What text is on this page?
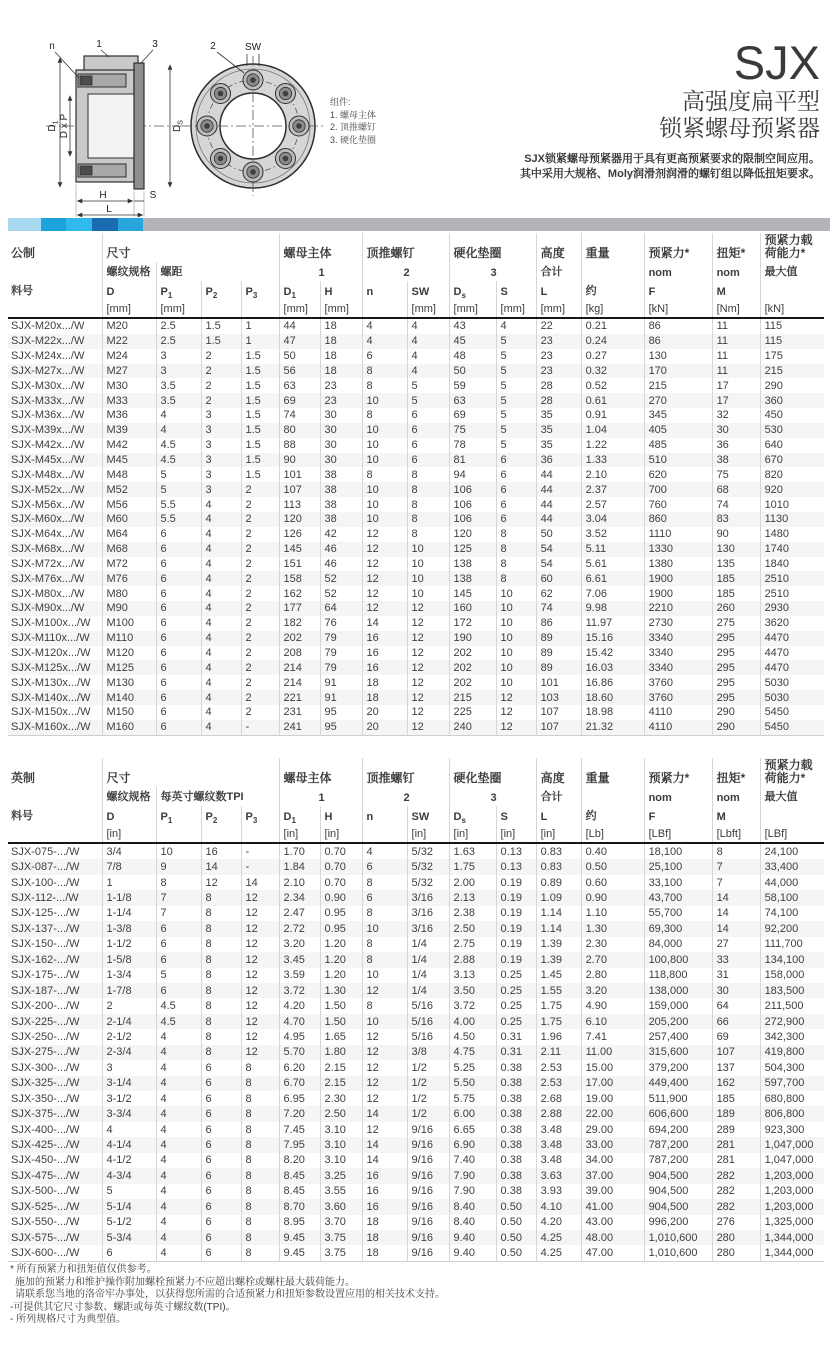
$D_1$ D x P	$D_S$
H	S
L
n	1	3	SW
2
组件:
1. 螺母主体
2. 顶推螺钉
3. 硬化垫圈
SJX
高强度扁平型
锁紧螺母预紧器
SJX锁紧螺母预紧器用于具有更高预紧要求的限制空间应用。
其中采用大规格、Moly润滑剂润滑的螺钉组以降低扭矩要求。
公制	尺寸				螺母主体		顶推螺钉		硬化垫圈		高度	重量	预紧力*	扭矩*	预紧力载
荷能力*
	螺纹规格	螺距			1		2		3		合计		nom	nom	最大值
料号	D	$P_1$	$P_2$	$P_3$	$D_1$	H	n	SW	$D_s$	S	L	约	F	M	
	[mm]	[mm]			[mm]	[mm]		[mm]	[mm]	[mm]	[mm]	[kg]	[kN]	[Nm]	[kN]
SJX-M20x.../W	M20	2.5	1.5	1	44	18	4	4	43	4	22	0.21	86	11	115
SJX-M22x.../W	M22	2.5	1.5	1	47	18	4	4	45	5	23	0.24	86	11	115
SJX-M24x.../W	M24	3	2	1.5	50	18	6	4	48	5	23	0.27	130	11	175
SJX-M27x.../W	M27	3	2	1.5	56	18	8	4	50	5	23	0.32	170	11	215
SJX-M30x.../W	M30	3.5	2	1.5	63	23	8	5	59	5	28	0.52	215	17	290
SJX-M33x.../W	M33	3.5	2	1.5	69	23	10	5	63	5	28	0.61	270	17	360
SJX-M36x.../W	M36	4	3	1.5	74	30	8	6	69	5	35	0.91	345	32	450
SJX-M39x.../W	M39	4	3	1.5	80	30	10	6	75	5	35	1.04	405	30	530
SJX-M42x.../W	M42	4.5	3	1.5	88	30	10	6	78	5	35	1.22	485	36	640
SJX-M45x.../W	M45	4.5	3	1.5	90	30	10	6	81	6	36	1.33	510	38	670
SJX-M48x.../W	M48	5	3	1.5	101	38	8	8	94	6	44	2.10	620	75	820
SJX-M52x.../W	M52	5	3	2	107	38	10	8	106	6	44	2.37	700	68	920
SJX-M56x.../W	M56	5.5	4	2	113	38	10	8	106	6	44	2.57	760	74	1010
SJX-M60x.../W	M60	5.5	4	2	120	38	10	8	106	6	44	3.04	860	83	1130
SJX-M64x.../W	M64	6	4	2	126	42	12	8	120	8	50	3.52	1110	90	1480
SJX-M68x.../W	M68	6	4	2	145	46	12	10	125	8	54	5.11	1330	130	1740
SJX-M72x.../W	M72	6	4	2	151	46	12	10	138	8	54	5.61	1380	135	1840
SJX-M76x.../W	M76	6	4	2	158	52	12	10	138	8	60	6.61	1900	185	2510
SJX-M80x.../W	M80	6	4	2	162	52	12	10	145	10	62	7.06	1900	185	2510
SJX-M90x.../W	M90	6	4	2	177	64	12	12	160	10	74	9.98	2210	260	2930
SJX-M100x.../W	M100	6	4	2	182	76	14	12	172	10	86	11.97	2730	275	3620
SJX-M110x.../W	M110	6	4	2	202	79	16	12	190	10	89	15.16	3340	295	4470
SJX-M120x.../W	M120	6	4	2	208	79	16	12	202	10	89	15.42	3340	295	4470
SJX-M125x.../W	M125	6	4	2	214	79	16	12	202	10	89	16.03	3340	295	4470
SJX-M130x.../W	M130	6	4	2	214	91	18	12	202	10	101	16.86	3760	295	5030
SJX-M140x.../W	M140	6	4	2	221	91	18	12	215	12	103	18.60	3760	295	5030
SJX-M150x.../W	M150	6	4	2	231	95	20	12	225	12	107	18.98	4110	290	5450
SJX-M160x.../W	M160	6	4	-	241	95	20	12	240	12	107	21.32	4110	290	5450
英制	尺寸				螺母主体		顶推螺钉		硬化垫圈		高度	重量	预紧力*	扭矩*	预紧力载
荷能力*
	螺纹规格	每英寸螺纹数TPI			1		2		3		合计		nom	nom	最大值
料号	D	$P_1$	$P_2$	$P_3$	$D_1$	H	n	SW	$D_s$	S	L	约	F	M	
	[in]				[in]	[in]		[in]	[in]	[in]	[in]	[Lb]	[LBf]	[Lbft]	[LBf]
SJX-075-.../W	3/4	10	16	-	1.70	0.70	4	5/32	1.63	0.13	0.83	0.40	18,100	8	24,100
SJX-087-.../W	7/8	9	14	-	1.84	0.70	6	5/32	1.75	0.13	0.83	0.50	25,100	7	33,400
SJX-100-.../W	1	8	12	14	2.10	0.70	8	5/32	2.00	0.19	0.89	0.60	33,100	7	44,000
SJX-112-.../W	1-1/8	7	8	12	2.34	0.90	6	3/16	2.13	0.19	1.09	0.90	43,700	14	58,100
SJX-125-.../W	1-1/4	7	8	12	2.47	0.95	8	3/16	2.38	0.19	1.14	1.10	55,700	14	74,100
SJX-137-.../W	1-3/8	6	8	12	2.72	0.95	10	3/16	2.50	0.19	1.14	1.30	69,300	14	92,200
SJX-150-.../W	1-1/2	6	8	12	3.20	1.20	8	1/4	2.75	0.19	1.39	2.30	84,000	27	111,700
SJX-162-.../W	1-5/8	6	8	12	3.45	1.20	8	1/4	2.88	0.19	1.39	2.70	100,800	33	134,100
SJX-175-.../W	1-3/4	5	8	12	3.59	1.20	10	1/4	3.13	0.25	1.45	2.80	118,800	31	158,000
SJX-187-.../W	1-7/8	6	8	12	3.72	1.30	12	1/4	3.50	0.25	1.55	3.20	138,000	30	183,500
SJX-200-.../W	2	4.5	8	12	4.20	1.50	8	5/16	3.72	0.25	1.75	4.90	159,000	64	211,500
SJX-225-.../W	2-1/4	4.5	8	12	4.70	1.50	10	5/16	4.00	0.25	1.75	6.10	205,200	66	272,900
SJX-250-.../W	2-1/2	4	8	12	4.95	1.65	12	5/16	4.50	0.31	1.96	7.41	257,400	69	342,300
SJX-275-.../W	2-3/4	4	8	12	5.70	1.80	12	3/8	4.75	0.31	2.11	11.00	315,600	107	419,800
SJX-300-.../W	3	4	6	8	6.20	2.15	12	1/2	5.25	0.38	2.53	15.00	379,200	137	504,300
SJX-325-.../W	3-1/4	4	6	8	6.70	2.15	12	1/2	5.50	0.38	2.53	17.00	449,400	162	597,700
SJX-350-.../W	3-1/2	4	6	8	6.95	2.30	12	1/2	5.75	0.38	2.68	19.00	511,900	185	680,800
SJX-375-.../W	3-3/4	4	6	8	7.20	2.50	14	1/2	6.00	0.38	2.88	22.00	606,600	189	806,800
SJX-400-.../W	4	4	6	8	7.45	3.10	12	9/16	6.65	0.38	3.48	29.00	694,200	289	923,300
SJX-425-.../W	4-1/4	4	6	8	7.95	3.10	14	9/16	6.90	0.38	3.48	33.00	787,200	281	1,047,000
SJX-450-.../W	4-1/2	4	6	8	8.20	3.10	14	9/16	7.40	0.38	3.48	34.00	787,200	281	1,047,000
SJX-475-.../W	4-3/4	4	6	8	8.45	3.25	16	9/16	7.90	0.38	3.63	37.00	904,500	282	1,203,000
SJX-500-.../W	5	4	6	8	8.45	3.55	16	9/16	7.90	0.38	3.93	39.00	904,500	282	1,203,000
SJX-525-.../W	5-1/4	4	6	8	8.70	3.60	16	9/16	8.40	0.50	4.10	41.00	904,500	282	1,203,000
SJX-550-.../W	5-1/2	4	6	8	8.95	3.70	18	9/16	8.40	0.50	4.20	43.00	996,200	276	1,325,000
SJX-575-.../W	5-3/4	4	6	8	9.45	3.75	18	9/16	9.40	0.50	4.25	48.00	1,010,600	280	1,344,000
SJX-600-.../W	6	4	6	8	9.45	3.75	18	9/16	9.40	0.50	4.25	47.00	1,010,600	280	1,344,000
* 所有预紧力和扭矩值仅供参考。
施加的预紧力和维护操作附加螺栓预紧力不应超出螺栓或螺柱最大载荷能力。
请联系您当地的洛帝牢办事处，以获得您所需的合适预紧力和扭矩参数设置应用的相关技术支持。
-可提供其它尺寸参数、螺距或每英寸螺纹数(TPI)。
- 所列规格尺寸为典型值。
